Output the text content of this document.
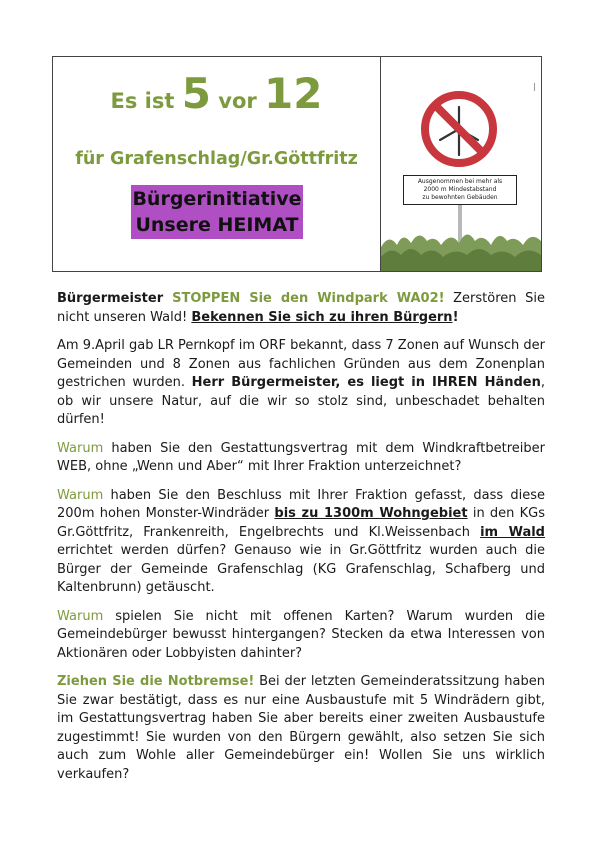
Es ist 5 vor 12
für Grafenschlag/Gr.Göttfritz
Bürgerinitiative
Unsere HEIMAT
Ausgenommen bei mehr als
2000 m Mindestabstand
zu bewohnten Gebäuden

Bürgermeister STOPPEN Sie den Windpark WA02! Zerstören Sie nicht unseren Wald! Bekennen Sie sich zu ihren Bürgern!

Am 9.April gab LR Pernkopf im ORF bekannt, dass 7 Zonen auf Wunsch der Gemeinden und 8 Zonen aus fachlichen Gründen aus dem Zonenplan gestrichen wurden. Herr Bürgermeister, es liegt in IHREN Händen, ob wir unsere Natur, auf die wir so stolz sind, unbeschadet behalten dürfen!

Warum haben Sie den Gestattungsvertrag mit dem Windkraftbetreiber WEB, ohne „Wenn und Aber“ mit Ihrer Fraktion unterzeichnet?

Warum haben Sie den Beschluss mit Ihrer Fraktion gefasst, dass diese 200m hohen Monster-Windräder bis zu 1300m Wohngebiet in den KGs Gr.Göttfritz, Frankenreith, Engelbrechts und Kl.Weissenbach im Wald errichtet werden dürfen? Genauso wie in Gr.Göttfritz wurden auch die Bürger der Gemeinde Grafenschlag (KG Grafenschlag, Schafberg und Kaltenbrunn) getäuscht.

Warum spielen Sie nicht mit offenen Karten? Warum wurden die Gemeindebürger bewusst hintergangen? Stecken da etwa Interessen von Aktionären oder Lobbyisten dahinter?

Ziehen Sie die Notbremse! Bei der letzten Gemeinderatssitzung haben Sie zwar bestätigt, dass es nur eine Ausbaustufe mit 5 Windrädern gibt, im Gestattungsvertrag haben Sie aber bereits einer zweiten Ausbaustufe zugestimmt! Sie wurden von den Bürgern gewählt, also setzen Sie sich auch zum Wohle aller Gemeindebürger ein! Wollen Sie uns wirklich verkaufen?
